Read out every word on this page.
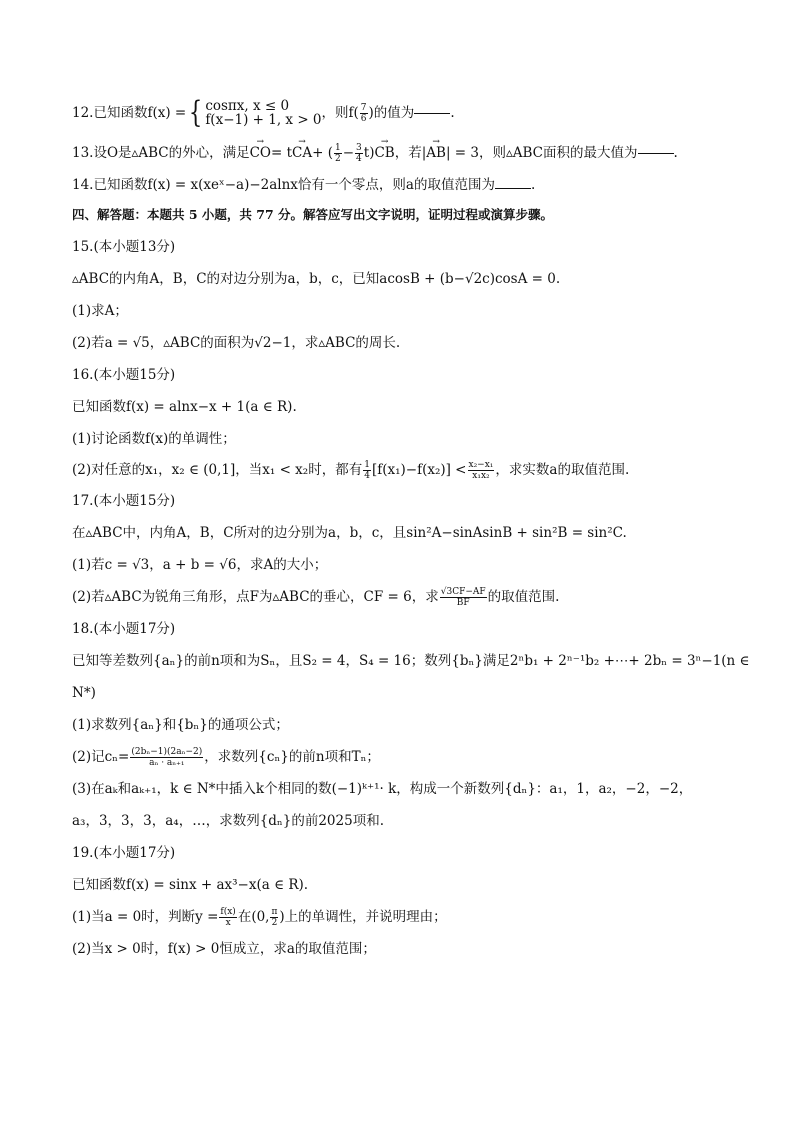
12.已知函数f(x) = { cosπx, x ≤ 0
f(x−1) + 1, x > 0 ，则$f( \frac{7}{6}$ )的值为	.
13.设O是▵ABC的外心，满足 → CO = t → CA + ( $\frac{1}{2} - \frac{3}{4} t$) → CB ，若| → AB | = 3，则▵ABC面积的最大值为	.
14.已知函数f(x) = x(xeˣ−a)−2alnx恰有一个零点，则a的取值范围为	.
四、解答题：本题共 5 小题，共 77 分。解答应写出文字说明，证明过程或演算步骤。
15.(本小题13分)
▵ABC的内角A，B，C的对边分别为a，b，c，已知acosB + (b−√2c)cosA = 0.
(1)求A；
(2)若a = √5，▵ABC的面积为√2−1，求▵ABC的周长.
16.(本小题15分)
已知函数f(x) = alnx−x + 1(a ∈ R).
(1)讨论函数f(x)的单调性；
(2)对任意的x₁，x₂ ∈ (0,1]，当x₁ < x₂时，都有 $\frac{1}{4} [f(x_1)-f(x_2)] < \frac{\text{x₂−x₁}}{\text{x₁x₂}}$ ，求实数a的取值范围.
17.(本小题15分)
在▵ABC中，内角A，B，C所对的边分别为a，b，c，且sin²A−sinAsinB + sin²B = sin²C.
(1)若c = √3，a + b = √6，求A的大小；
(2)若▵ABC为锐角三角形，点F为▵ABC的垂心，CF = 6，求 $\frac{√3CF-AF}{BF}$ 的取值范围.
18.(本小题17分)
已知等差数列{aₙ}的前n项和为Sₙ，且S₂ = 4，S₄ = 16；数列{bₙ}满足2ⁿb₁ + 2ⁿ⁻¹b₂ +⋯+ 2bₙ = 3ⁿ−1(n ∈
N*)
(1)求数列{aₙ}和{bₙ}的通项公式；
(2)记$c_n= \frac{\text{(2bₙ−1)(2aₙ−2)}}{\text{aₙ · aₙ₊₁}}$ ，求数列{cₙ}的前n项和Tₙ；
(3)在aₖ和aₖ₊₁，k ∈ N*中插入k个相同的数(−1)ᵏ⁺¹· k，构成一个新数列{dₙ}：a₁，1，a₂，−2，−2，
a₃，3，3，3，a₄，…，求数列{dₙ}的前2025项和.
19.(本小题17分)
已知函数f(x) = sinx + ax³−x(a ∈ R).
(1)当a = 0时，判断$y = \frac{f(x)}{x}$ 在(0, $\frac{\pi}{2}$ )上的单调性，并说明理由；
(2)当x > 0时，f(x) > 0恒成立，求a的取值范围；
